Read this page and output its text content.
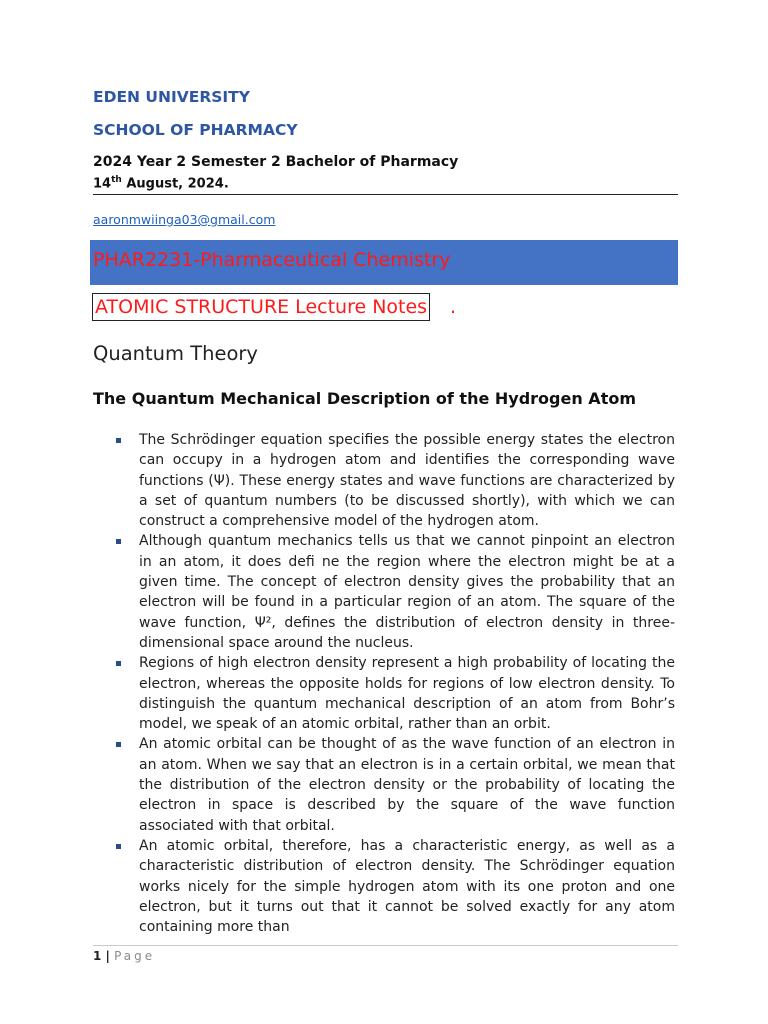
EDEN UNIVERSITY
SCHOOL OF PHARMACY
2024 Year 2 Semester 2 Bachelor of Pharmacy
14th August, 2024.
aaronmwiinga03@gmail.com
PHAR2231-Pharmaceutical Chemistry
ATOMIC STRUCTURE Lecture Notes .
Quantum Theory
The Quantum Mechanical Description of the Hydrogen Atom
The Schrödinger equation specifies the possible energy states the electron can occupy in a hydrogen atom and identifies the corresponding wave functions (Ψ). These energy states and wave functions are characterized by a set of quantum numbers (to be discussed shortly), with which we can construct a comprehensive model of the hydrogen atom.
Although quantum mechanics tells us that we cannot pinpoint an electron in an atom, it does defi ne the region where the electron might be at a given time. The concept of electron density gives the probability that an electron will be found in a particular region of an atom. The square of the wave function, Ψ², defines the distribution of electron density in three-dimensional space around the nucleus.
Regions of high electron density represent a high probability of locating the electron, whereas the opposite holds for regions of low electron density. To distinguish the quantum mechanical description of an atom from Bohr’s model, we speak of an atomic orbital, rather than an orbit.
An atomic orbital can be thought of as the wave function of an electron in an atom. When we say that an electron is in a certain orbital, we mean that the distribution of the electron density or the probability of locating the electron in space is described by the square of the wave function associated with that orbital.
An atomic orbital, therefore, has a characteristic energy, as well as a characteristic distribution of electron density. The Schrödinger equation works nicely for the simple hydrogen atom with its one proton and one electron, but it turns out that it cannot be solved exactly for any atom containing more than
1 | Page
